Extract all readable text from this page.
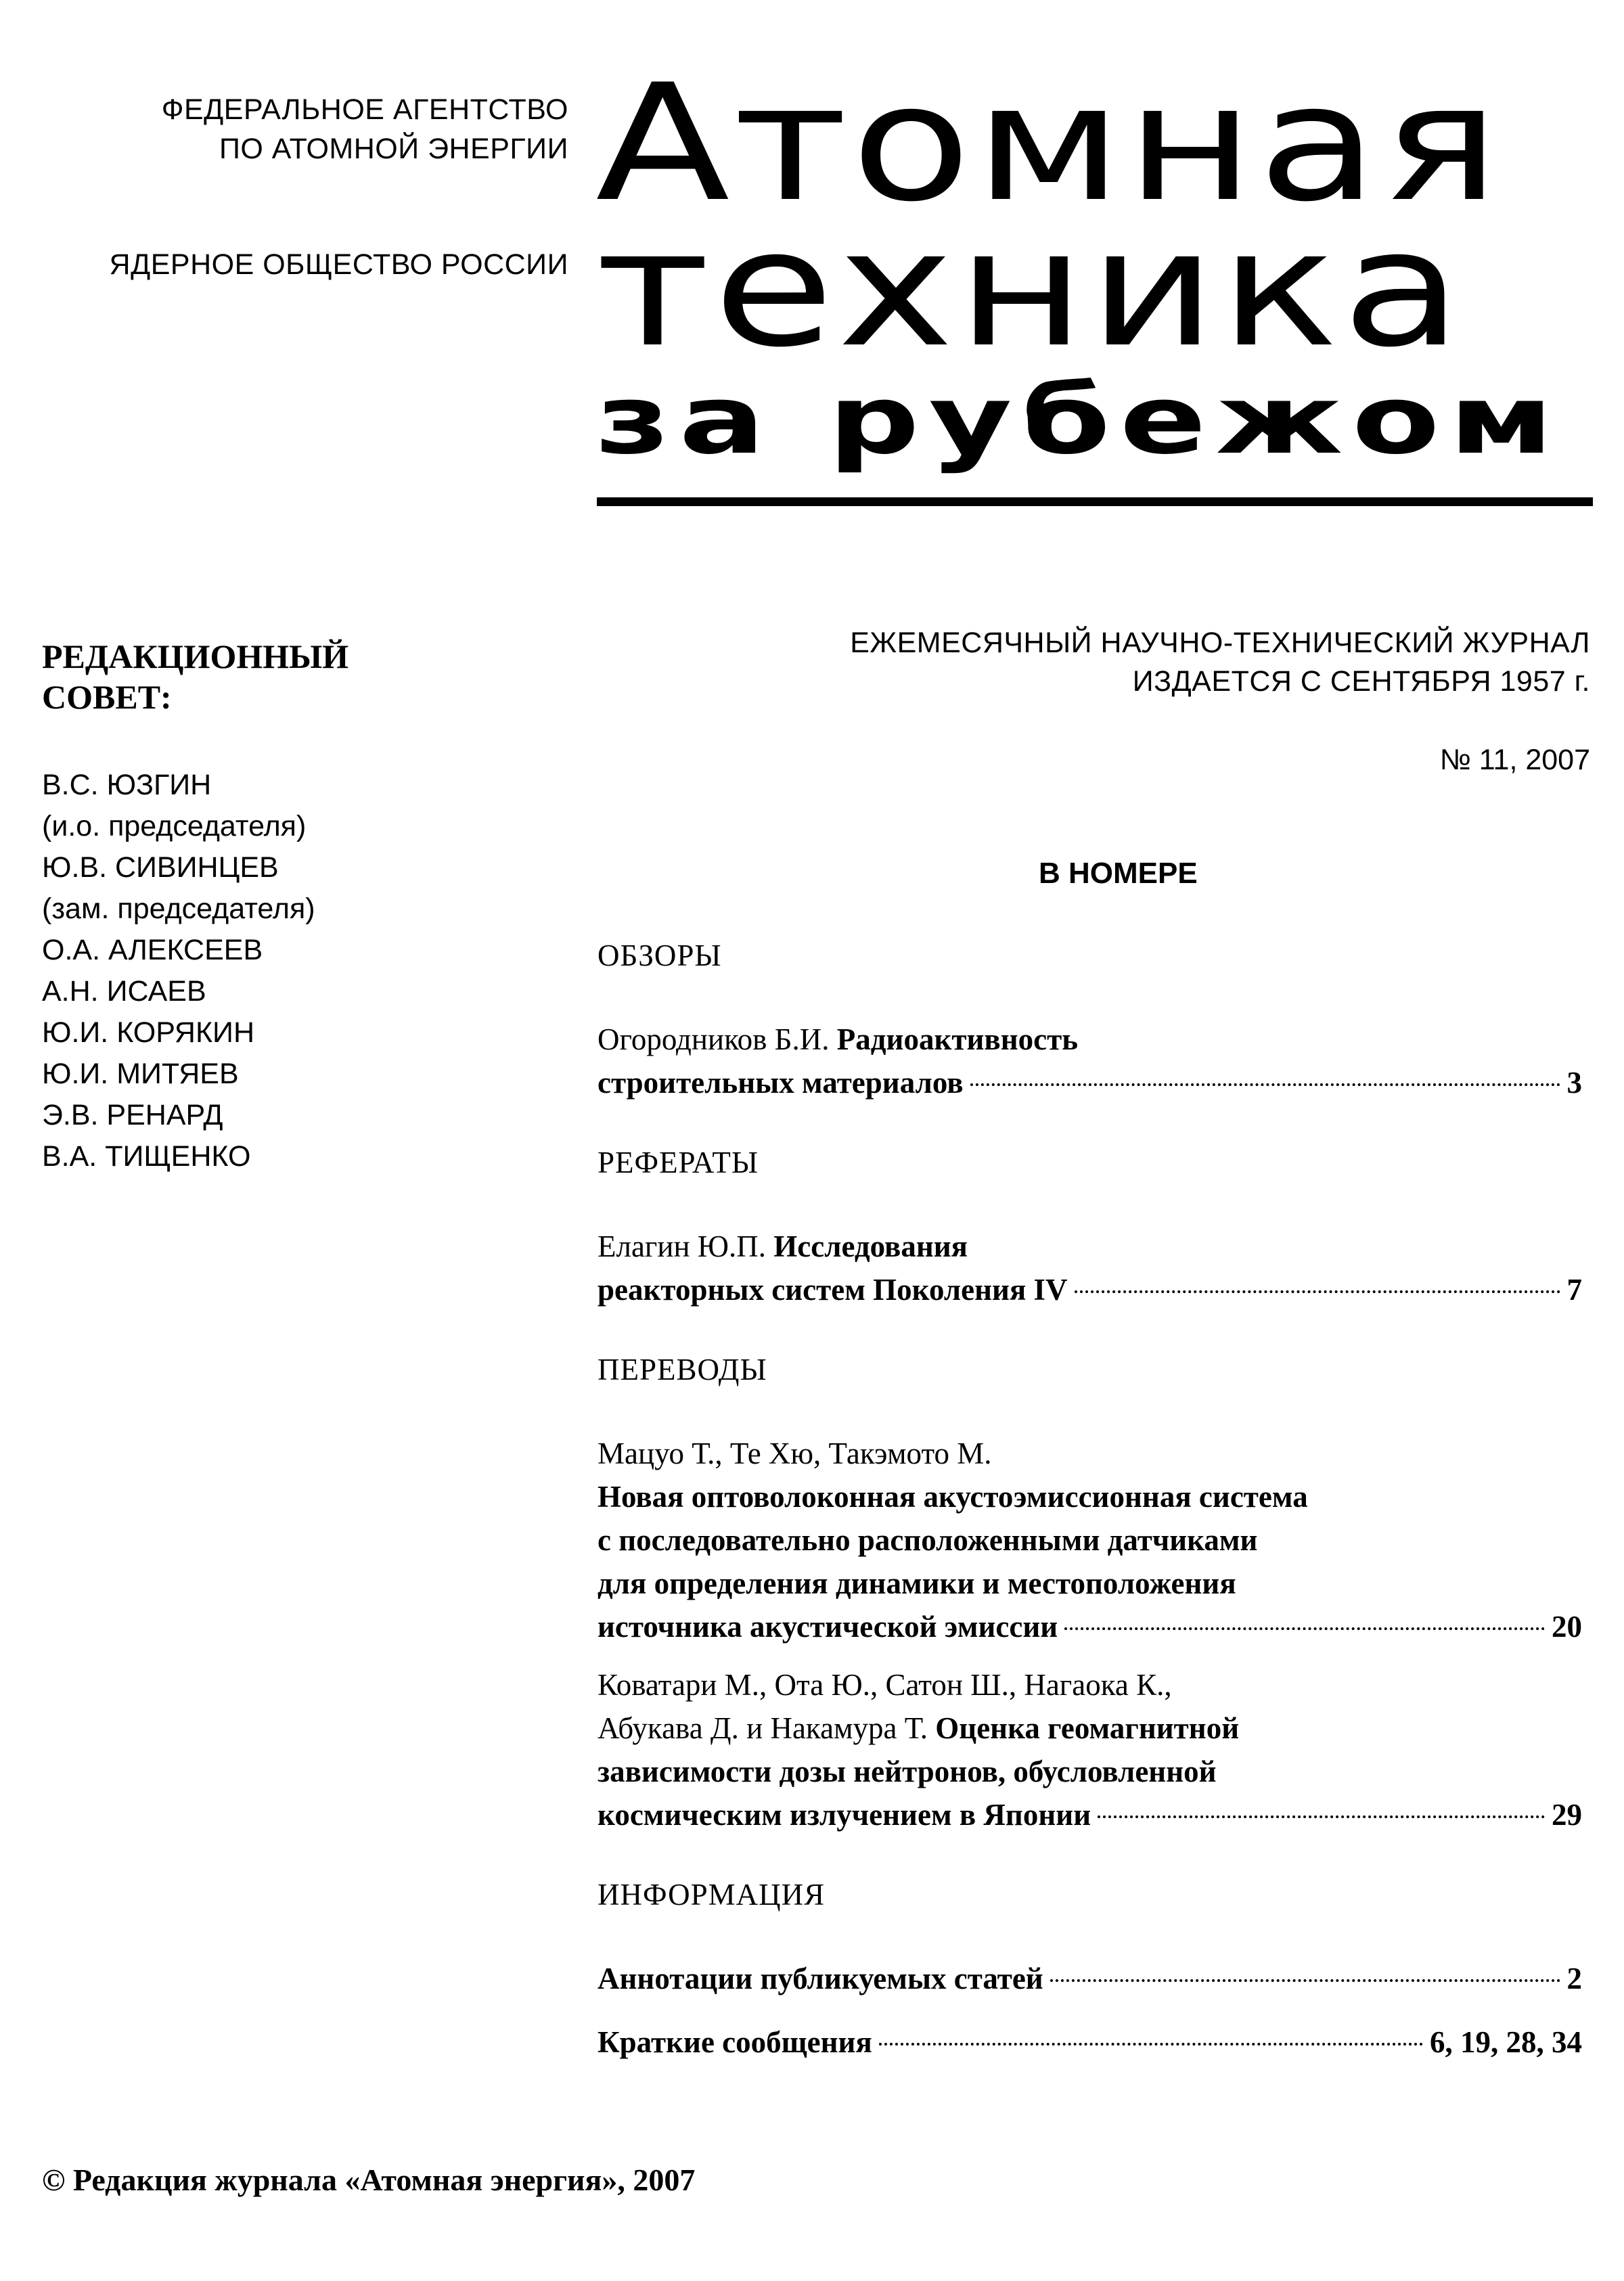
ФЕДЕРАЛЬНОЕ АГЕНТСТВО
ПО АТОМНОЙ ЭНЕРГИИ
ЯДЕРНОЕ ОБЩЕСТВО РОССИИ
Атомная
техника
за рубежом
РЕДАКЦИОННЫЙ
СОВЕТ:
В.С. ЮЗГИН
(и.о. председателя)
Ю.В. СИВИНЦЕВ
(зам. председателя)
О.А. АЛЕКСЕЕВ
А.Н. ИСАЕВ
Ю.И. КОРЯКИН
Ю.И. МИТЯЕВ
Э.В. РЕНАРД
В.А. ТИЩЕНКО
ЕЖЕМЕСЯЧНЫЙ НАУЧНО-ТЕХНИЧЕСКИЙ ЖУРНАЛ
ИЗДАЕТСЯ С СЕНТЯБРЯ 1957 г.
№ 11, 2007
В НОМЕРЕ
ОБЗОРЫ
Огородников Б.И. Радиоактивность
строительных материалов	3
РЕФЕРАТЫ
Елагин Ю.П. Исследования
реакторных систем Поколения IV	7
ПЕРЕВОДЫ
Мацуо Т., Те Хю, Такэмото М.
Новая оптоволоконная акустоэмиссионная система
с последовательно расположенными датчиками
для определения динамики и местоположения
источника акустической эмиссии	20
Коватари М., Ота Ю., Сатон Ш., Нагаока К.,
Абукава Д. и Накамура Т. Оценка геомагнитной
зависимости дозы нейтронов, обусловленной
космическим излучением в Японии	29
ИНФОРМАЦИЯ
Аннотации публикуемых статей	2
Краткие сообщения	6, 19, 28, 34
© Редакция журнала «Атомная энергия», 2007
